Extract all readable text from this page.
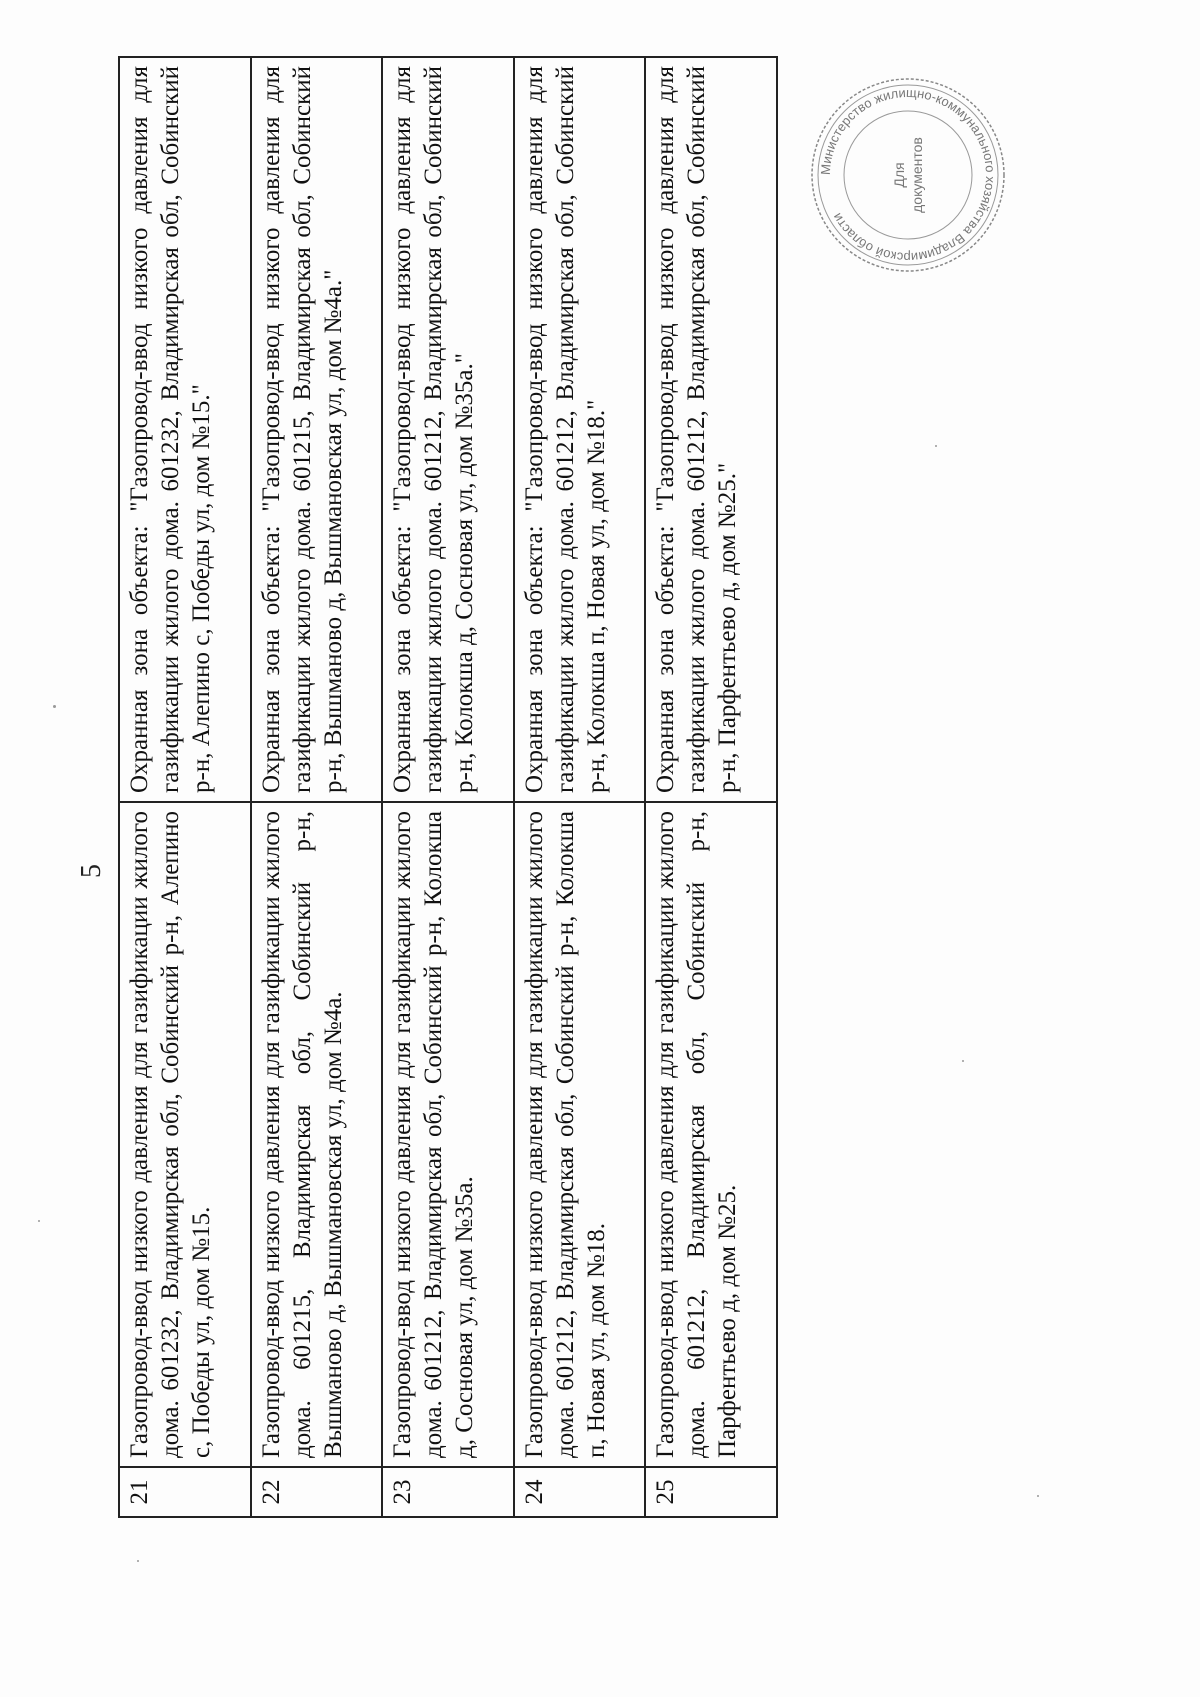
5
21	Газопровод-ввод низкого давления для газификации жилого дома. 601232, Владимирская обл, Собинский р-н, Алепино с, Победы ул, дом №15.	Охранная зона объекта: "Газопровод-ввод низкого давления для газификации жилого дома. 601232, Владимирская обл, Собинский р-н, Алепино с, Победы ул, дом №15."
22	Газопровод-ввод низкого давления для газификации жилого дома. 601215, Владимирская обл, Собинский р-н, Вышманово д, Вышмановская ул, дом №4а.	Охранная зона объекта: "Газопровод-ввод низкого давления для газификации жилого дома. 601215, Владимирская обл, Собинский р-н, Вышманово д, Вышмановская ул, дом №4а."
23	Газопровод-ввод низкого давления для газификации жилого дома. 601212, Владимирская обл, Собинский р-н, Колокша д, Сосновая ул, дом №35а.	Охранная зона объекта: "Газопровод-ввод низкого давления для газификации жилого дома. 601212, Владимирская обл, Собинский р-н, Колокша д, Сосновая ул, дом №35а."
24	Газопровод-ввод низкого давления для газификации жилого дома. 601212, Владимирская обл, Собинский р-н, Колокша п, Новая ул, дом №18.	Охранная зона объекта: "Газопровод-ввод низкого давления для газификации жилого дома. 601212, Владимирская обл, Собинский р-н, Колокша п, Новая ул, дом №18."
25	Газопровод-ввод низкого давления для газификации жилого дома. 601212, Владимирская обл, Собинский р-н, Парфентьево д, дом №25.	Охранная зона объекта: "Газопровод-ввод низкого давления для газификации жилого дома. 601212, Владимирская обл, Собинский р-н, Парфентьево д, дом №25."
Министерство жилищно-коммунального хозяйства Владимирской области
Для документов
